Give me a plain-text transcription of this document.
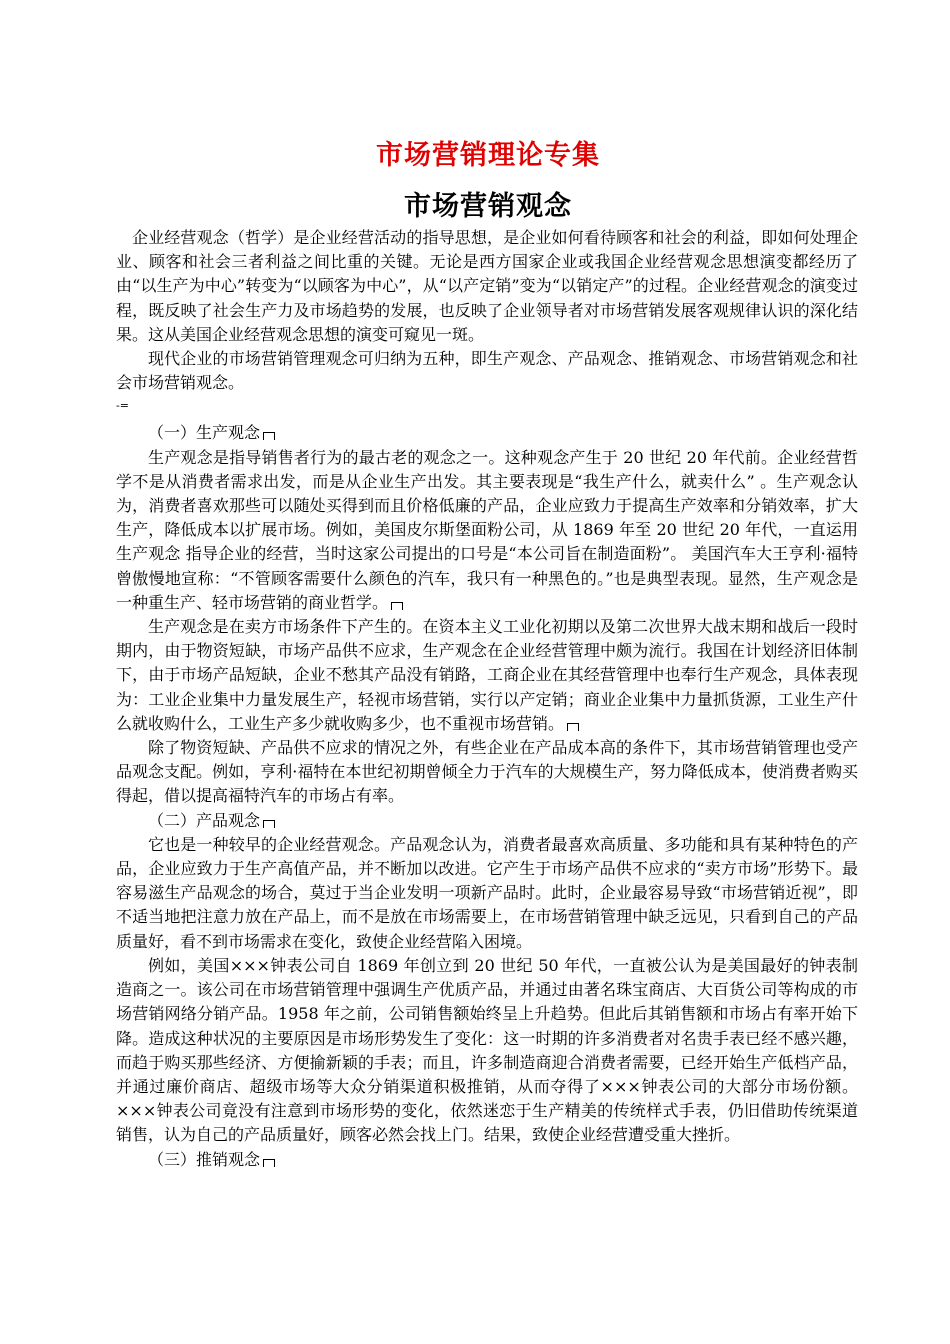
市场营销理论专集
市场营销观念

企业经营观念（哲学）是企业经营活动的指导思想，是企业如何看待顾客和社会的利益，即如何处理企业、顾客和社会三者利益之间比重的关键。无论是西方国家企业或我国企业经营观念思想演变都经历了由“以生产为中心”转变为“以顾客为中心”，从“以产定销”变为“以销定产”的过程。企业经营观念的演变过程，既反映了社会生产力及市场趋势的发展，也反映了企业领导者对市场营销发展客观规律认识的深化结果。这从美国企业经营观念思想的演变可窥见一斑。

现代企业的市场营销管理观念可归纳为五种，即生产观念、产品观念、推销观念、市场营销观念和社会市场营销观念。

-=

（一）生产观念

生产观念是指导销售者行为的最古老的观念之一。这种观念产生于 20 世纪 20 年代前。企业经营哲学不是从消费者需求出发，而是从企业生产出发。其主要表现是“我生产什么，就卖什么” 。生产观念认为，消费者喜欢那些可以随处买得到而且价格低廉的产品，企业应致力于提高生产效率和分销效率，扩大生产，降低成本以扩展市场。例如，美国皮尔斯堡面粉公司，从 1869 年至 20 世纪 20 年代，一直运用生产观念 指导企业的经营，当时这家公司提出的口号是“本公司旨在制造面粉”。 美国汽车大王亨利·福特曾傲慢地宣称：“不管顾客需要什么颜色的汽车，我只有一种黑色的。”也是典型表现。显然，生产观念是一种重生产、轻市场营销的商业哲学。

生产观念是在卖方市场条件下产生的。在资本主义工业化初期以及第二次世界大战末期和战后一段时期内，由于物资短缺，市场产品供不应求，生产观念在企业经营管理中颇为流行。我国在计划经济旧体制下，由于市场产品短缺，企业不愁其产品没有销路，工商企业在其经营管理中也奉行生产观念，具体表现为：工业企业集中力量发展生产，轻视市场营销，实行以产定销；商业企业集中力量抓货源，工业生产什么就收购什么，工业生产多少就收购多少，也不重视市场营销。

除了物资短缺、产品供不应求的情况之外，有些企业在产品成本高的条件下，其市场营销管理也受产品观念支配。例如，亨利·福特在本世纪初期曾倾全力于汽车的大规模生产，努力降低成本，使消费者购买得起，借以提高福特汽车的市场占有率。

（二）产品观念

它也是一种较早的企业经营观念。产品观念认为，消费者最喜欢高质量、多功能和具有某种特色的产品，企业应致力于生产高值产品，并不断加以改进。它产生于市场产品供不应求的“卖方市场”形势下。最容易滋生产品观念的场合，莫过于当企业发明一项新产品时。此时，企业最容易导致“市场营销近视”，即不适当地把注意力放在产品上，而不是放在市场需要上，在市场营销管理中缺乏远见，只看到自己的产品质量好，看不到市场需求在变化，致使企业经营陷入困境。

例如，美国×××钟表公司自 1869 年创立到 20 世纪 50 年代，一直被公认为是美国最好的钟表制造商之一。该公司在市场营销管理中强调生产优质产品，并通过由著名珠宝商店、大百货公司等构成的市场营销网络分销产品。1958 年之前，公司销售额始终呈上升趋势。但此后其销售额和市场占有率开始下降。造成这种状况的主要原因是市场形势发生了变化：这一时期的许多消费者对名贵手表已经不感兴趣，而趋于购买那些经济、方便揄新颖的手表；而且，许多制造商迎合消费者需要，已经开始生产低档产品，并通过廉价商店、超级市场等大众分销渠道积极推销，从而夺得了×××钟表公司的大部分市场份额。×××钟表公司竟没有注意到市场形势的变化，依然迷恋于生产精美的传统样式手表，仍旧借助传统渠道销售，认为自己的产品质量好，顾客必然会找上门。结果，致使企业经营遭受重大挫折。

（三）推销观念
